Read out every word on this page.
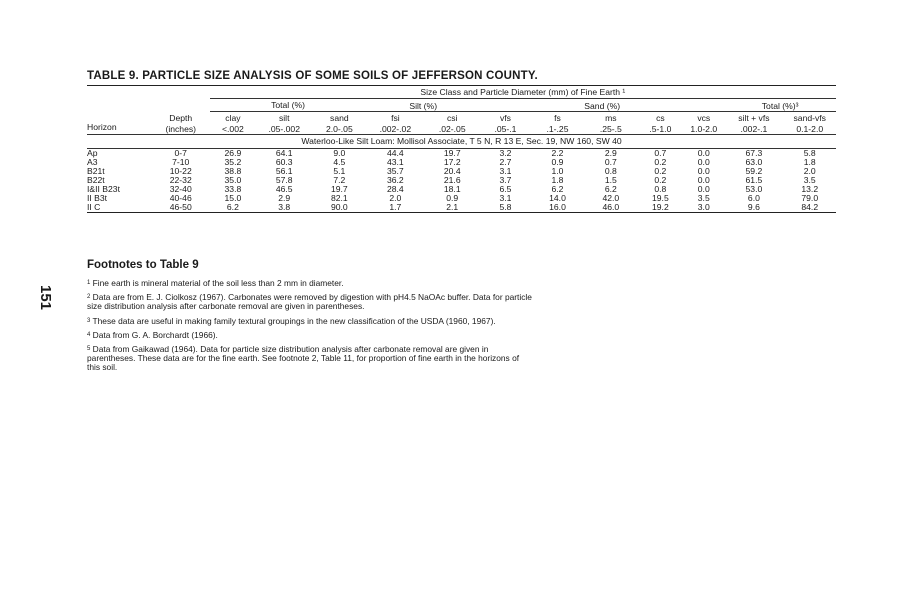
TABLE 9. PARTICLE SIZE ANALYSIS OF SOME SOILS OF JEFFERSON COUNTY.
		Size Class and Particle Diameter (mm) of Fine Earth ¹											
		Total (%)			Silt (%)		Sand (%)					Total (%)³	
	Depth	clay	silt	sand	fsi	csi	vfs	fs	ms	cs	vcs	silt + vfs	sand-vfs
Horizon	(inches)	<.002	.05-.002	2.0-.05	.002-.02	.02-.05	.05-.1	.1-.25	.25-.5	.5-1.0	1.0-2.0	.002-.1	0.1-2.0
Waterloo-Like Silt Loam: Mollisol Associate, T 5 N, R 13 E, Sec. 19, NW 160, SW 40													
Ap	0-7	26.9	64.1	9.0	44.4	19.7	3.2	2.2	2.9	0.7	0.0	67.3	5.8
A3	7-10	35.2	60.3	4.5	43.1	17.2	2.7	0.9	0.7	0.2	0.0	63.0	1.8
B21t	10-22	38.8	56.1	5.1	35.7	20.4	3.1	1.0	0.8	0.2	0.0	59.2	2.0
B22t	22-32	35.0	57.8	7.2	36.2	21.6	3.7	1.8	1.5	0.2	0.0	61.5	3.5
I&II B23t	32-40	33.8	46.5	19.7	28.4	18.1	6.5	6.2	6.2	0.8	0.0	53.0	13.2
II B3t	40-46	15.0	2.9	82.1	2.0	0.9	3.1	14.0	42.0	19.5	3.5	6.0	79.0
II C	46-50	6.2	3.8	90.0	1.7	2.1	5.8	16.0	46.0	19.2	3.0	9.6	84.2
Footnotes to Table 9
151

$^1$ Fine earth is mineral material of the soil less than 2 mm in diameter.

$^2$ Data are from E. J. Ciolkosz (1967). Carbonates were removed by digestion with pH4.5 NaOAc buffer. Data for particle size distribution analysis after carbonate removal are given in parentheses.

$^3$ These data are useful in making family textural groupings in the new classification of the USDA (1960, 1967).

$^4$ Data from G. A. Borchardt (1966).

$^5$ Data from Gaikawad (1964). Data for particle size distribution analysis after carbonate removal are given in parentheses. These data are for the fine earth. See footnote 2, Table 11, for proportion of fine earth in the horizons of this soil.
